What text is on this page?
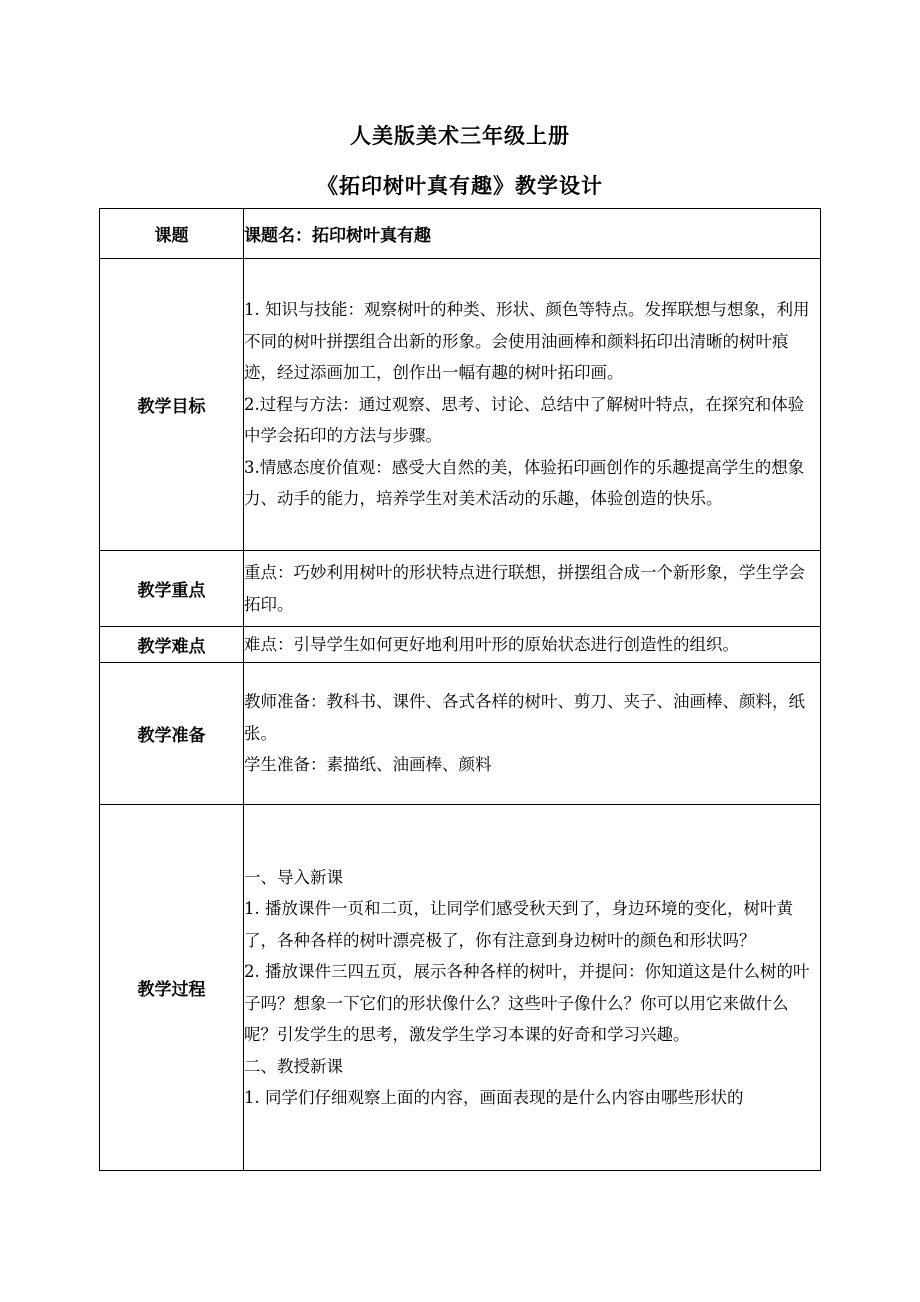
人美版美术三年级上册
《拓印树叶真有趣》教学设计
课题	课题名：拓印树叶真有趣
教学目标	1. 知识与技能：观察树叶的种类、形状、颜色等特点。发挥联想与想象，利用不同的树叶拼摆组合出新的形象。会使用油画棒和颜料拓印出清晰的树叶痕迹，经过添画加工，创作出一幅有趣的树叶拓印画。

2.过程与方法：通过观察、思考、讨论、总结中了解树叶特点，在探究和体验中学会拓印的方法与步骤。

3.情感态度价值观：感受大自然的美，体验拓印画创作的乐趣提高学生的想象力、动手的能力，培养学生对美术活动的乐趣，体验创造的快乐。

教学重点	重点：巧妙利用树叶的形状特点进行联想，拼摆组合成一个新形象，学生学会拓印。

教学难点	难点：引导学生如何更好地利用叶形的原始状态进行创造性的组织。

教学准备	教师准备：教科书、课件、各式各样的树叶、剪刀、夹子、油画棒、颜料，纸张。

学生准备：素描纸、油画棒、颜料

教学过程	一、导入新课

1. 播放课件一页和二页，让同学们感受秋天到了，身边环境的变化，树叶黄了，各种各样的树叶漂亮极了，你有注意到身边树叶的颜色和形状吗？

2. 播放课件三四五页，展示各种各样的树叶，并提问：你知道这是什么树的叶子吗？想象一下它们的形状像什么？这些叶子像什么？你可以用它来做什么呢？引发学生的思考，激发学生学习本课的好奇和学习兴趣。

二、教授新课

1. 同学们仔细观察上面的内容，画面表现的是什么内容由哪些形状的
